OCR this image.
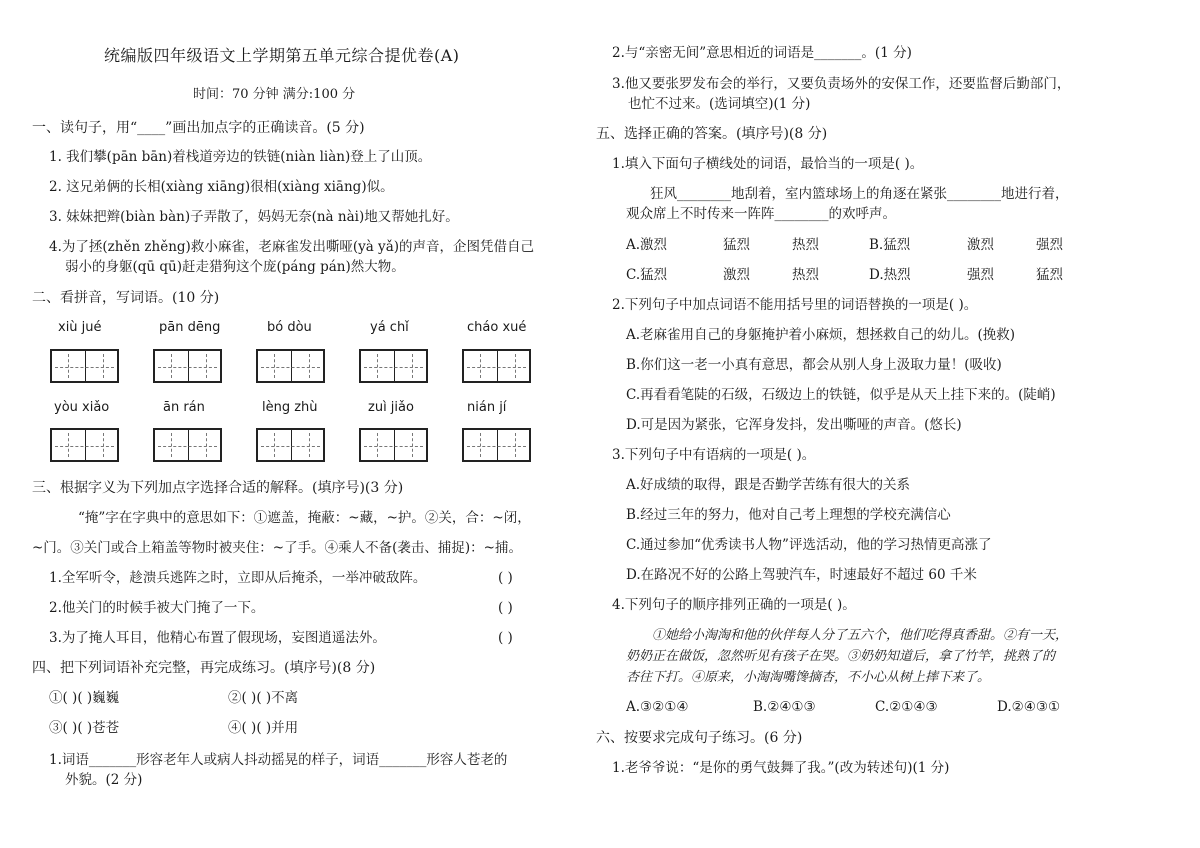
统编版四年级语文上学期第五单元综合提优卷(A)
时间：70 分钟 满分:100 分
一、读句子，用“____”画出加点字的正确读音。(5 分)
1. 我们攀(pān bān)着栈道旁边的铁链(niàn liàn)登上了山顶。
2. 这兄弟俩的长相(xiàng xiāng)很相(xiàng xiāng)似。
3. 妹妹把辫(biàn bàn)子弄散了，妈妈无奈(nà nài)地又帮她扎好。
4.为了拯(zhěn zhěng)救小麻雀，老麻雀发出嘶哑(yà yǎ)的声音，企图凭借自己
弱小的身躯(qū qū)赶走猎狗这个庞(páng pán)然大物。
二、看拼音，写词语。(10 分)
xiù jué	pān dēng	bó dòu	yá chǐ	cháo xué
yòu xiǎo	ān rán	lèng zhù	zuì jiǎo	nián jí
三、根据字义为下列加点字选择合适的解释。(填序号)(3 分)
“掩”字在字典中的意思如下：①遮盖，掩蔽：~藏，~护。②关，合：~闭，
~门。③关门或合上箱盖等物时被夹住：~了手。④乘人不备(袭击、捕捉)：~捕。
1.全军听令，趁溃兵逃阵之时，立即从后掩杀，一举冲破敌阵。	( )
2.他关门的时候手被大门掩了一下。	( )
3.为了掩人耳目，他精心布置了假现场，妄图逍遥法外。	( )
四、把下列词语补充完整，再完成练习。(填序号)(8 分)
①( )( )巍巍	②( )( )不离
③( )( )苍苍	④( )( )并用
1.词语_______形容老年人或病人抖动摇晃的样子，词语_______形容人苍老的
外貌。(2 分)
2.与“亲密无间”意思相近的词语是_______。(1 分)
3.他又要张罗发布会的举行，又要负责场外的安保工作，还要监督后勤部门，
也忙不过来。(选词填空)(1 分)
五、选择正确的答案。(填序号)(8 分)
1.填入下面句子横线处的词语，最恰当的一项是( )。
狂风________地刮着，室内篮球场上的角逐在紧张________地进行着，
观众席上不时传来一阵阵________的欢呼声。
A.激烈	猛烈	热烈	B.猛烈	激烈	强烈
C.猛烈	激烈	热烈	D.热烈	强烈	猛烈
2.下列句子中加点词语不能用括号里的词语替换的一项是( )。
A.老麻雀用自己的身躯掩护着小麻烦，想拯救自己的幼儿。(挽救)
B.你们这一老一小真有意思，都会从别人身上汲取力量！(吸收)
C.再看看笔陡的石级，石级边上的铁链，似乎是从天上挂下来的。(陡峭)
D.可是因为紧张，它浑身发抖，发出嘶哑的声音。(悠长)
3.下列句子中有语病的一项是( )。
A.好成绩的取得，跟是否勤学苦练有很大的关系
B.经过三年的努力，他对自己考上理想的学校充满信心
C.通过参加“优秀读书人物”评选活动，他的学习热情更高涨了
D.在路况不好的公路上驾驶汽车，时速最好不超过 60 千米
4.下列句子的顺序排列正确的一项是( )。
①她给小淘淘和他的伙伴每人分了五六个，他们吃得真香甜。②有一天，
奶奶正在做饭，忽然听见有孩子在哭。③奶奶知道后，拿了竹竿，挑熟了的
杏往下打。④原来，小淘淘嘴馋摘杏，不小心从树上摔下来了。
A.③②①④	B.②④①③	C.②①④③	D.②④③①
六、按要求完成句子练习。(6 分)
1.老爷爷说：“是你的勇气鼓舞了我。”(改为转述句)(1 分)
